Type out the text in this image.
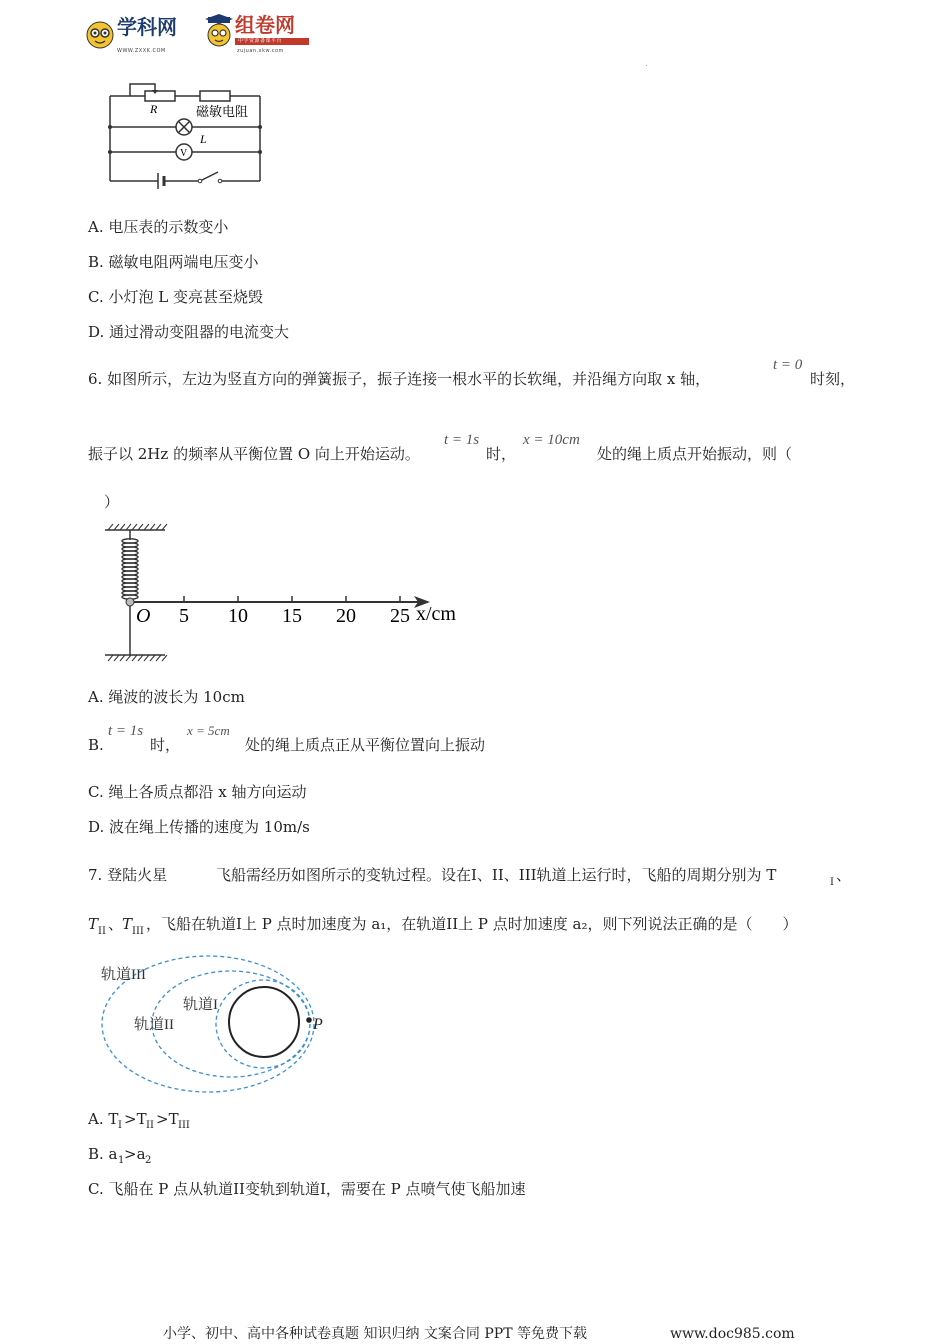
学科网
WWW.ZXXK.COM
组卷网
中学资源备课平台
zujuan.xkw.com
R	磁敏电阻
L
V
A. 电压表的示数变小
B. 磁敏电阻两端电压变小
C. 小灯泡 L 变亮甚至烧毁
D. 通过滑动变阻器的电流变大
6. 如图所示，左边为竖直方向的弹簧振子，振子连接一根水平的长软绳，并沿绳方向取 x 轴，
t = 0
时刻，
振子以 2Hz 的频率从平衡位置 O 向上开始运动。
t = 1s
时，
x = 10cm
处的绳上质点开始振动，则（
）
5 10 15 20 25
O	x/cm
A. 绳波的波长为 10cm
B.
t = 1s
时，
x = 5cm
处的绳上质点正从平衡位置向上振动
C. 绳上各质点都沿 x 轴方向运动
D. 波在绳上传播的速度为 10m/s
7. 登陆火星	飞船需经历如图所示的变轨过程。设在I、II、III轨道上运行时，飞船的周期分别为 T	I 、
T II 、
T III ，飞船在轨道I上 P 点时加速度为 a₁，在轨道II上 P 点时加速度 a₂，则下列说法正确的是（　　）
轨道III
轨道II
轨道I
P
A. T I >T II >T III
B. a 1 >a 2
C. 飞船在 P 点从轨道II变轨到轨道I，需要在 P 点喷气使飞船加速
小学、初中、高中各种试卷真题 知识归纳 文案合同 PPT 等免费下载	www.doc985.com
